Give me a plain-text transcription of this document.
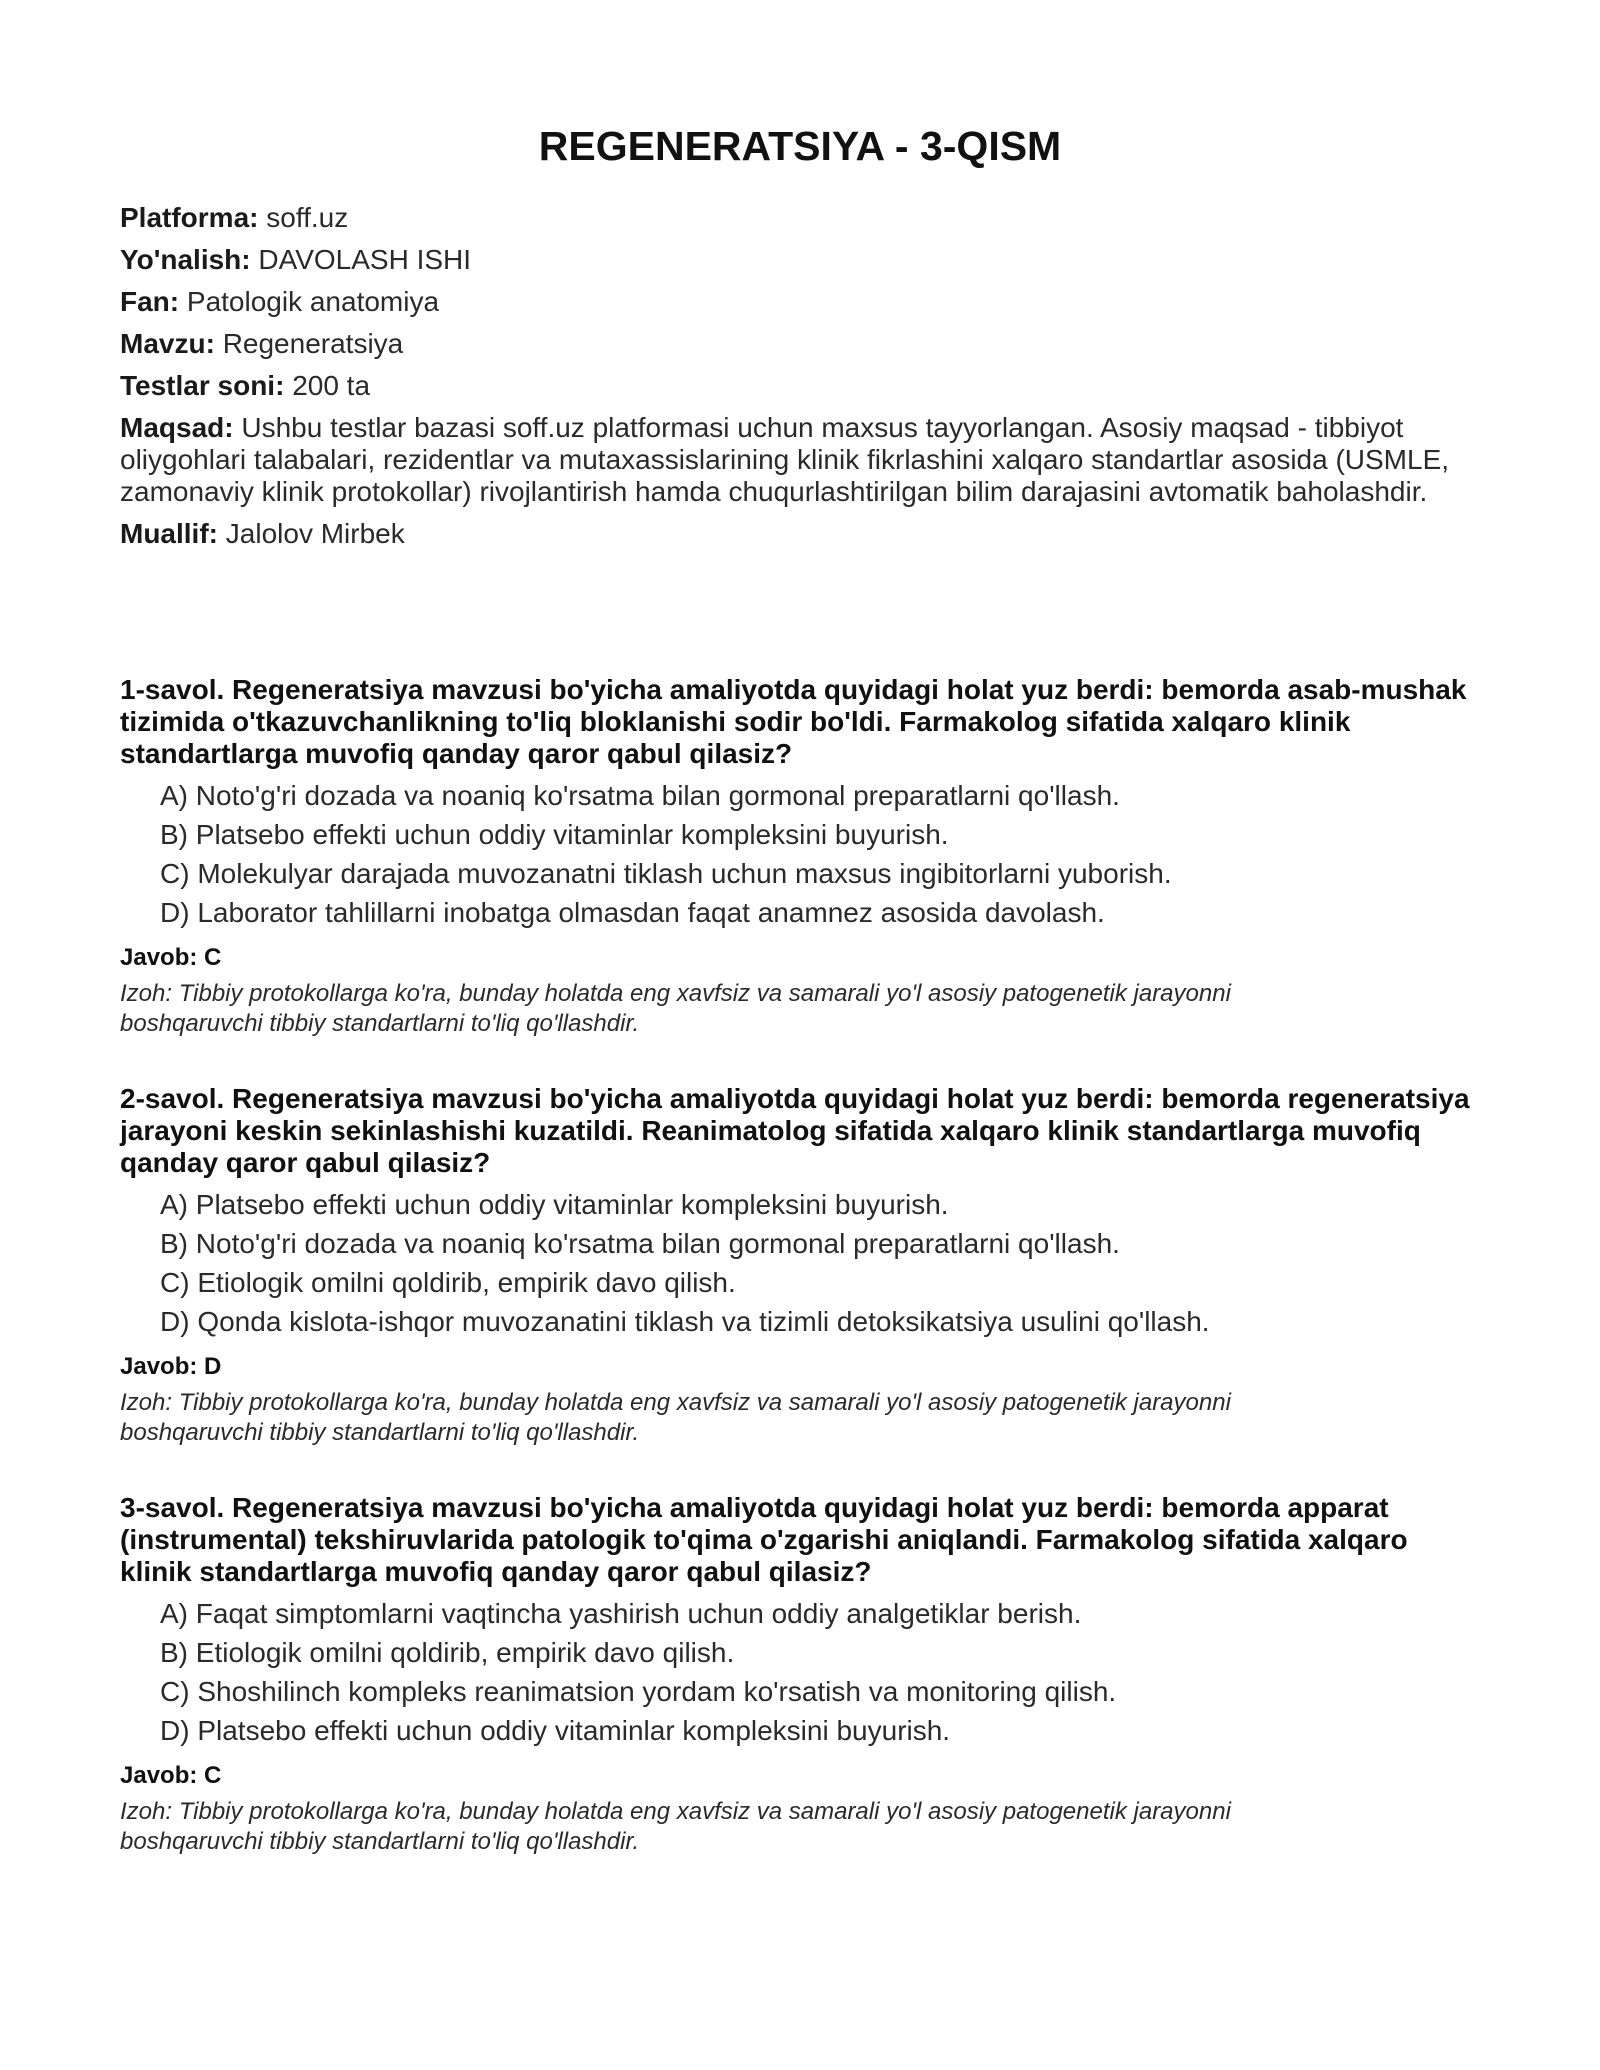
REGENERATSIYA - 3-QISM

Platforma: soff.uz

Yo'nalish: DAVOLASH ISHI

Fan: Patologik anatomiya

Mavzu: Regeneratsiya

Testlar soni: 200 ta

Maqsad: Ushbu testlar bazasi soff.uz platformasi uchun maxsus tayyorlangan. Asosiy maqsad - tibbiyot oliygohlari talabalari, rezidentlar va mutaxassislarining klinik fikrlashini xalqaro standartlar asosida (USMLE, zamonaviy klinik protokollar) rivojlantirish hamda chuqurlashtirilgan bilim darajasini avtomatik baholashdir.

Muallif: Jalolov Mirbek

1-savol. Regeneratsiya mavzusi bo'yicha amaliyotda quyidagi holat yuz berdi: bemorda asab-mushak tizimida o'tkazuvchanlikning to'liq bloklanishi sodir bo'ldi. Farmakolog sifatida xalqaro klinik standartlarga muvofiq qanday qaror qabul qilasiz?

A) Noto'g'ri dozada va noaniq ko'rsatma bilan gormonal preparatlarni qo'llash.
B) Platsebo effekti uchun oddiy vitaminlar kompleksini buyurish.
C) Molekulyar darajada muvozanatni tiklash uchun maxsus ingibitorlarni yuborish.
D) Laborator tahlillarni inobatga olmasdan faqat anamnez asosida davolash.

Javob: C

Izoh: Tibbiy protokollarga ko'ra, bunday holatda eng xavfsiz va samarali yo'l asosiy patogenetik jarayonni boshqaruvchi tibbiy standartlarni to'liq qo'llashdir.

2-savol. Regeneratsiya mavzusi bo'yicha amaliyotda quyidagi holat yuz berdi: bemorda regeneratsiya jarayoni keskin sekinlashishi kuzatildi. Reanimatolog sifatida xalqaro klinik standartlarga muvofiq qanday qaror qabul qilasiz?

A) Platsebo effekti uchun oddiy vitaminlar kompleksini buyurish.
B) Noto'g'ri dozada va noaniq ko'rsatma bilan gormonal preparatlarni qo'llash.
C) Etiologik omilni qoldirib, empirik davo qilish.
D) Qonda kislota-ishqor muvozanatini tiklash va tizimli detoksikatsiya usulini qo'llash.

Javob: D

Izoh: Tibbiy protokollarga ko'ra, bunday holatda eng xavfsiz va samarali yo'l asosiy patogenetik jarayonni boshqaruvchi tibbiy standartlarni to'liq qo'llashdir.

3-savol. Regeneratsiya mavzusi bo'yicha amaliyotda quyidagi holat yuz berdi: bemorda apparat (instrumental) tekshiruvlarida patologik to'qima o'zgarishi aniqlandi. Farmakolog sifatida xalqaro klinik standartlarga muvofiq qanday qaror qabul qilasiz?

A) Faqat simptomlarni vaqtincha yashirish uchun oddiy analgetiklar berish.
B) Etiologik omilni qoldirib, empirik davo qilish.
C) Shoshilinch kompleks reanimatsion yordam ko'rsatish va monitoring qilish.
D) Platsebo effekti uchun oddiy vitaminlar kompleksini buyurish.

Javob: C

Izoh: Tibbiy protokollarga ko'ra, bunday holatda eng xavfsiz va samarali yo'l asosiy patogenetik jarayonni boshqaruvchi tibbiy standartlarni to'liq qo'llashdir.
